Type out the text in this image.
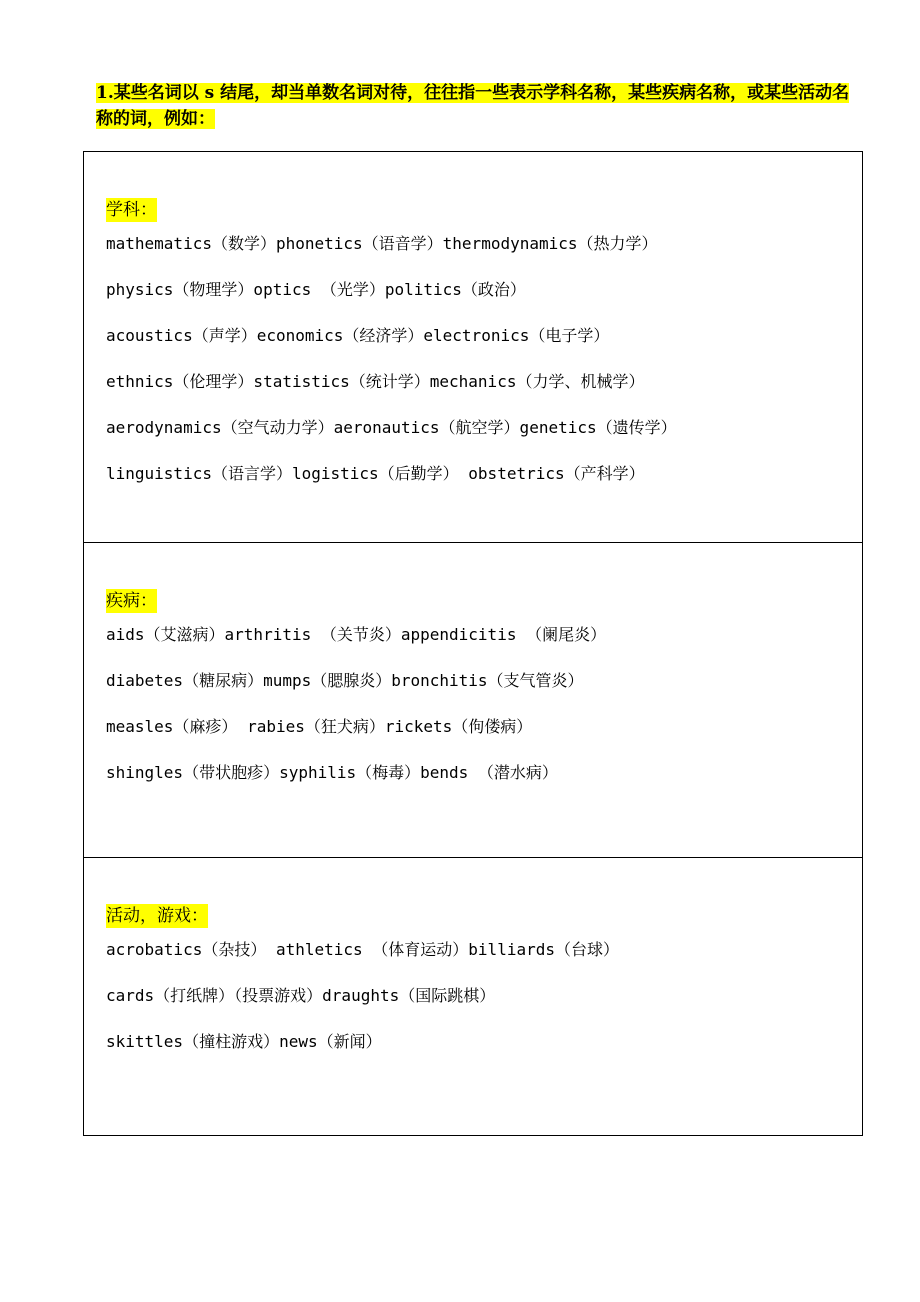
1.某些名词以 s 结尾，却当单数名词对待，往往指一些表示学科名称，某些疾病名称，或某些活动名称的词，例如：
学科：
mathematics（数学）phonetics（语音学）thermodynamics（热力学）
physics（物理学）optics （光学）politics（政治）
acoustics（声学）economics（经济学）electronics（电子学）
ethnics（伦理学）statistics（统计学）mechanics（力学、机械学）
aerodynamics（空气动力学）aeronautics（航空学）genetics（遗传学）
linguistics（语言学）logistics（后勤学） obstetrics（产科学）
疾病：
aids（艾滋病）arthritis （关节炎）appendicitis （阑尾炎）
diabetes（糖尿病）mumps（腮腺炎）bronchitis（支气管炎）
measles（麻疹） rabies（狂犬病）rickets（佝偻病）
shingles（带状胞疹）syphilis（梅毒）bends （潜水病）
活动，游戏：
acrobatics（杂技） athletics （体育运动）billiards（台球）
cards（打纸牌）（投票游戏）draughts（国际跳棋）
skittles（撞柱游戏）news（新闻）
